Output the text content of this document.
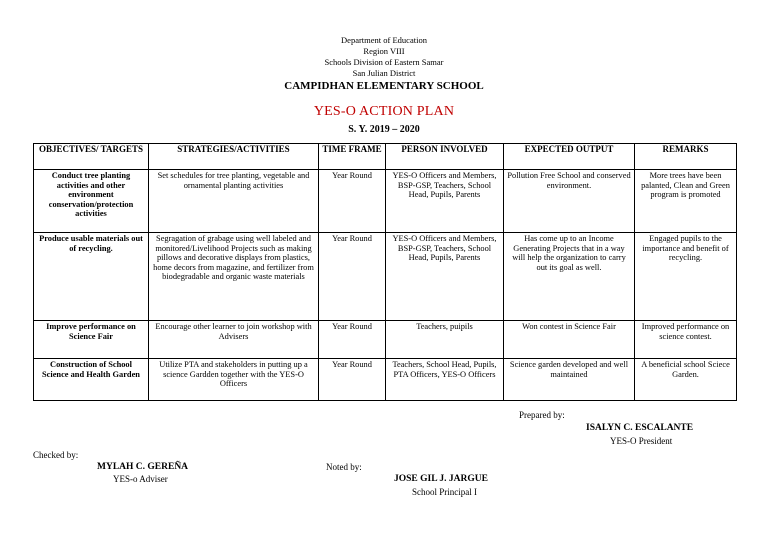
Department of Education
Region VIII
Schools Division of Eastern Samar
San Julian District
CAMPIDHAN ELEMENTARY SCHOOL
YES-O ACTION PLAN
S. Y. 2019 – 2020
OBJECTIVES/ TARGETS	STRATEGIES/ACTIVITIES	TIME FRAME	PERSON INVOLVED	EXPECTED OUTPUT	REMARKS
Conduct tree planting activities and other environment conservation/protection activities	Set schedules for tree planting, vegetable and ornamental planting activities	Year Round	YES-O Officers and Members, BSP-GSP, Teachers, School Head, Pupils, Parents	Pollution Free School and conserved environment.	More trees have been palanted, Clean and Green program is promoted
Produce usable materials out of recycling.	Segragation of grabage using well labeled and monitored/Livelihood Projects such as making pillows and decorative displays from plastics, home decors from magazine, and fertilizer from biodegradable and organic waste materials	Year Round	YES-O Officers and Members, BSP-GSP, Teachers, School Head, Pupils, Parents	Has come up to an Income Generating Projects that in a way will help the organization to carry out its goal as well.	Engaged pupils to the importance and benefit of recycling.
Improve performance on Science Fair	Encourage other learner to join workshop with Advisers	Year Round	Teachers, puipils	Won contest in Science Fair	Improved performance on science contest.
Construction of School Science and Health Garden	Utilize PTA and stakeholders in putting up a science Gardden together with the YES-O Officers	Year Round	Teachers, School Head, Pupils, PTA Officers, YES-O Officers	Science garden developed and well maintained	A beneficial school Sciece Garden.
Prepared by:
ISALYN C. ESCALANTE
YES-O President
Checked by:
MYLAH C. GEREÑA
YES-o Adviser
Noted by:
JOSE GIL J. JARGUE
School Principal I
